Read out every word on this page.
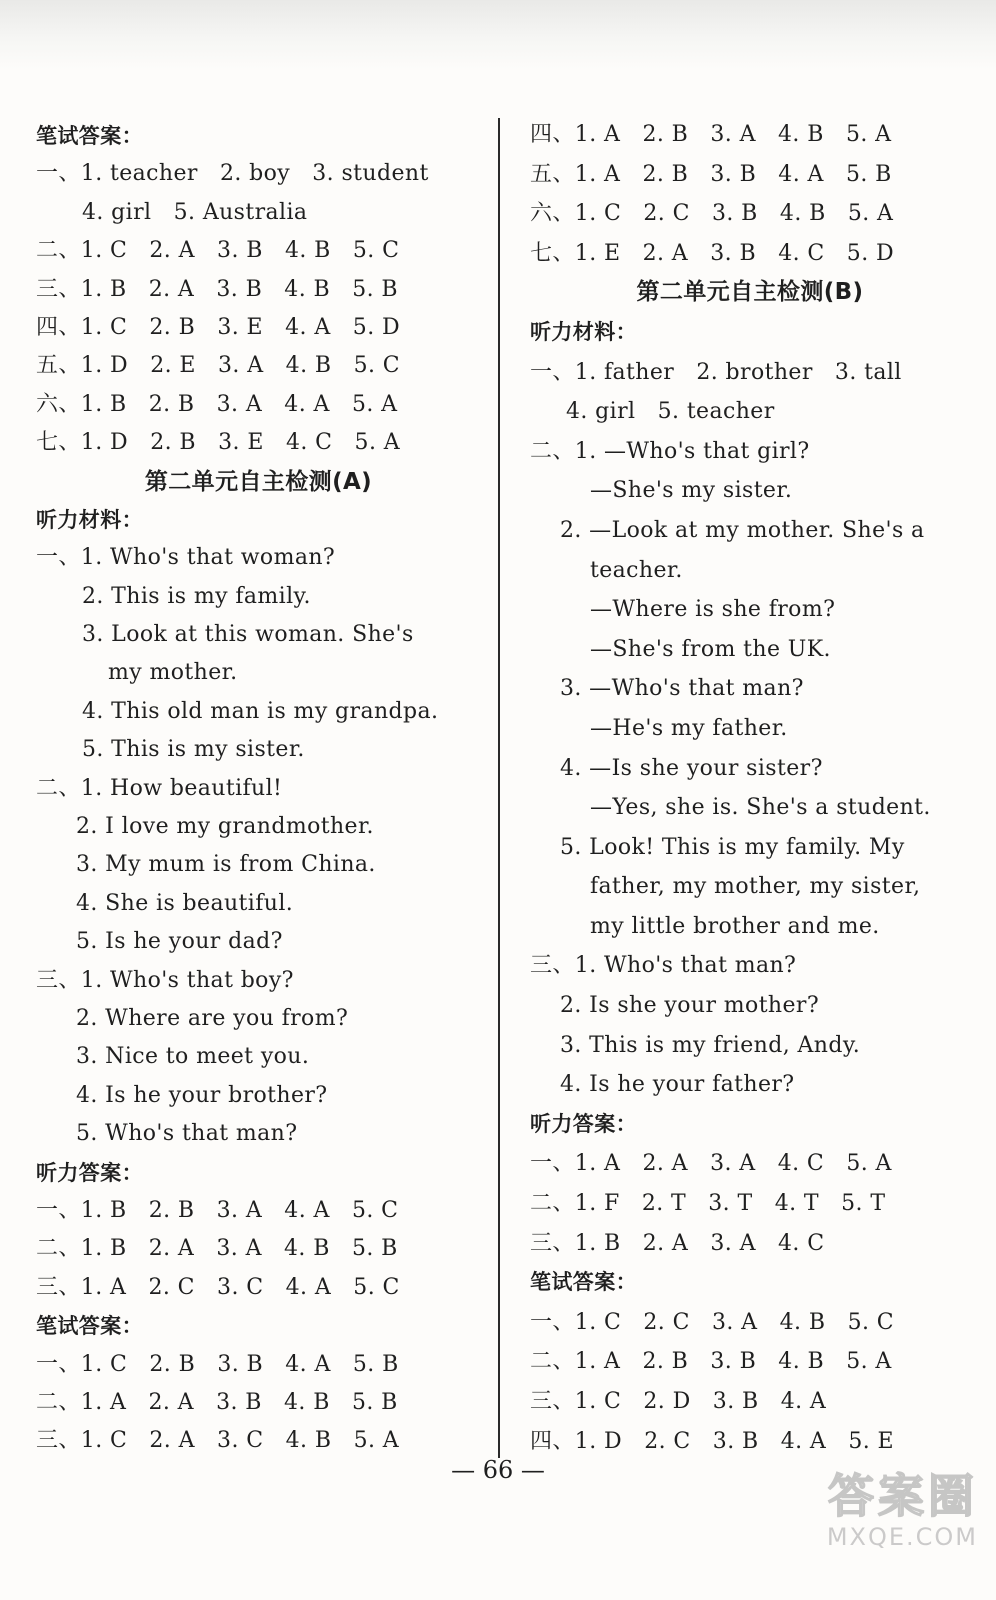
笔试答案：
一、1. teacher   2. boy   3. student
4. girl   5. Australia
二、1. C   2. A   3. B   4. B   5. C
三、1. B   2. A   3. B   4. B   5. B
四、1. C   2. B   3. E   4. A   5. D
五、1. D   2. E   3. A   4. B   5. C
六、1. B   2. B   3. A   4. A   5. A
七、1. D   2. B   3. E   4. C   5. A
第二单元自主检测(A)
听力材料：
一、1. Who's that woman?
2. This is my family.
3. Look at this woman. She's
my mother.
4. This old man is my grandpa.
5. This is my sister.
二、1. How beautiful!
2. I love my grandmother.
3. My mum is from China.
4. She is beautiful.
5. Is he your dad?
三、1. Who's that boy?
2. Where are you from?
3. Nice to meet you.
4. Is he your brother?
5. Who's that man?
听力答案：
一、1. B   2. B   3. A   4. A   5. C
二、1. B   2. A   3. A   4. B   5. B
三、1. A   2. C   3. C   4. A   5. C
笔试答案：
一、1. C   2. B   3. B   4. A   5. B
二、1. A   2. A   3. B   4. B   5. B
三、1. C   2. A   3. C   4. B   5. A
四、1. A   2. B   3. A   4. B   5. A
五、1. A   2. B   3. B   4. A   5. B
六、1. C   2. C   3. B   4. B   5. A
七、1. E   2. A   3. B   4. C   5. D
第二单元自主检测(B)
听力材料：
一、1. father   2. brother   3. tall
4. girl   5. teacher
二、1. —Who's that girl?
—She's my sister.
2. —Look at my mother. She's a
teacher.
—Where is she from?
—She's from the UK.
3. —Who's that man?
—He's my father.
4. —Is she your sister?
—Yes, she is. She's a student.
5. Look! This is my family. My
father, my mother, my sister,
my little brother and me.
三、1. Who's that man?
2. Is she your mother?
3. This is my friend, Andy.
4. Is he your father?
听力答案：
一、1. A   2. A   3. A   4. C   5. A
二、1. F   2. T   3. T   4. T   5. T
三、1. B   2. A   3. A   4. C
笔试答案：
一、1. C   2. C   3. A   4. B   5. C
二、1. A   2. B   3. B   4. B   5. A
三、1. C   2. D   3. B   4. A
四、1. D   2. C   3. B   4. A   5. E
— 66 —	答案圈
MXQE.COM
